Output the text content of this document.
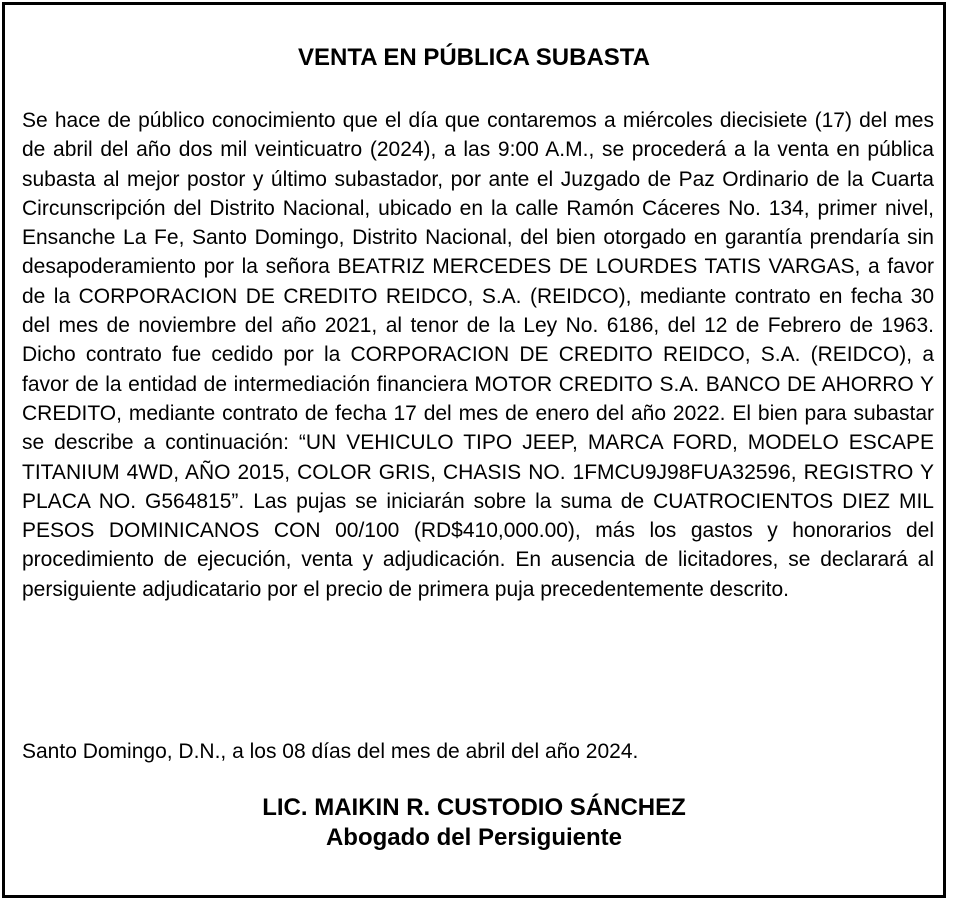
VENTA EN PÚBLICA SUBASTA

Se hace de público conocimiento que el día que contaremos a miércoles diecisiete (17) del mes de abril del año dos mil veinticuatro (2024), a las 9:00 A.M., se procederá a la venta en pública subasta al mejor postor y último subastador, por ante el Juzgado de Paz Ordinario de la Cuarta Circunscripción del Distrito Nacional, ubicado en la calle Ramón Cáceres No. 134, primer nivel, Ensanche La Fe, Santo Domingo, Distrito Nacional, del bien otorgado en garantía prendaría sin desapoderamiento por la señora BEATRIZ MERCEDES DE LOURDES TATIS VARGAS, a favor de la CORPORACION DE CREDITO REIDCO, S.A. (REIDCO), mediante contrato en fecha 30 del mes de noviembre del año 2021, al tenor de la Ley No. 6186, del 12 de Febrero de 1963. Dicho contrato fue cedido por la CORPORACION DE CREDITO REIDCO, S.A. (REIDCO), a favor de la entidad de intermediación financiera MOTOR CREDITO S.A. BANCO DE AHORRO Y CREDITO, mediante contrato de fecha 17 del mes de enero del año 2022. El bien para subastar se describe a continuación: “UN VEHICULO TIPO JEEP, MARCA FORD, MODELO ESCAPE TITANIUM 4WD, AÑO 2015, COLOR GRIS, CHASIS NO. 1FMCU9J98FUA32596, REGISTRO Y PLACA NO. G564815”. Las pujas se iniciarán sobre la suma de CUATROCIENTOS DIEZ MIL PESOS DOMINICANOS CON 00/100 (RD$410,000.00), más los gastos y honorarios del procedimiento de ejecución, venta y adjudicación. En ausencia de licitadores, se declarará al persiguiente adjudicatario por el precio de primera puja precedentemente descrito.

Santo Domingo, D.N., a los 08 días del mes de abril del año 2024.

LIC. MAIKIN R. CUSTODIO SÁNCHEZ

Abogado del Persiguiente
